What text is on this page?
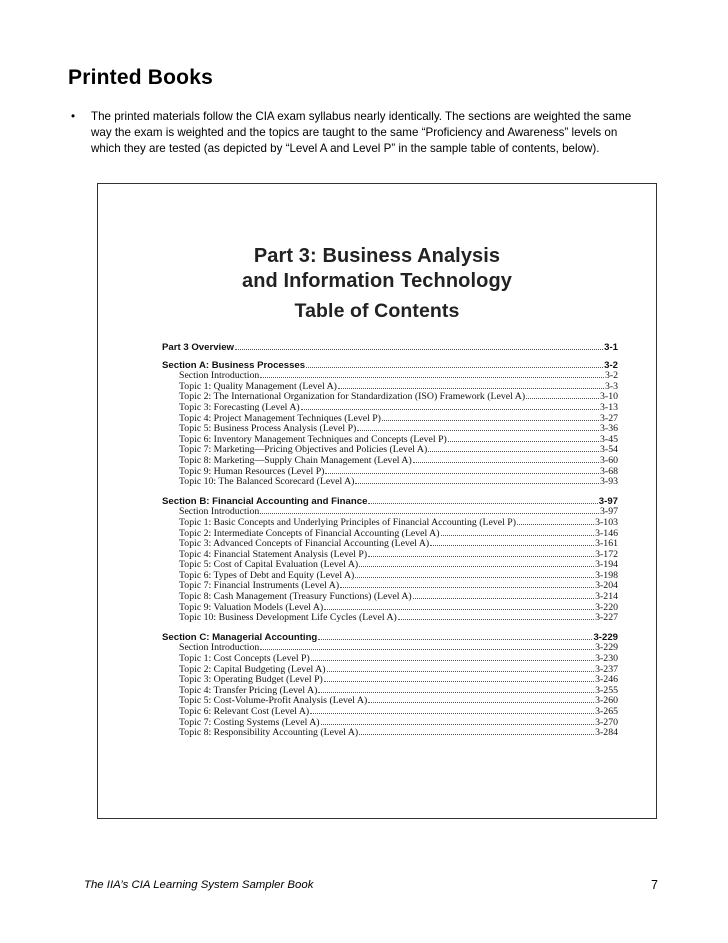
Printed Books
• The printed materials follow the CIA exam syllabus nearly identically. The sections are weighted the same
way the exam is weighted and the topics are taught to the same “Proficiency and Awareness” levels on
which they are tested (as depicted by “Level A and Level P” in the sample table of contents, below).
Part 3: Business Analysis
and Information Technology
Table of Contents
Part 3 Overview	3-1
Section A: Business Processes	3-2
Section Introduction	3-2
Topic 1: Quality Management (Level A)	3-3
Topic 2: The International Organization for Standardization (ISO) Framework (Level A)	3-10
Topic 3: Forecasting (Level A)	3-13
Topic 4: Project Management Techniques (Level P)	3-27
Topic 5: Business Process Analysis (Level P)	3-36
Topic 6: Inventory Management Techniques and Concepts (Level P)	3-45
Topic 7: Marketing—Pricing Objectives and Policies (Level A)	3-54
Topic 8: Marketing—Supply Chain Management (Level A)	3-60
Topic 9: Human Resources (Level P)	3-68
Topic 10: The Balanced Scorecard (Level A)	3-93
Section B: Financial Accounting and Finance	3-97
Section Introduction	3-97
Topic 1: Basic Concepts and Underlying Principles of Financial Accounting (Level P)	3-103
Topic 2: Intermediate Concepts of Financial Accounting (Level A)	3-146
Topic 3: Advanced Concepts of Financial Accounting (Level A)	3-161
Topic 4: Financial Statement Analysis (Level P)	3-172
Topic 5: Cost of Capital Evaluation (Level A)	3-194
Topic 6: Types of Debt and Equity (Level A)	3-198
Topic 7: Financial Instruments (Level A)	3-204
Topic 8: Cash Management (Treasury Functions) (Level A)	3-214
Topic 9: Valuation Models (Level A)	3-220
Topic 10: Business Development Life Cycles (Level A)	3-227
Section C: Managerial Accounting	3-229
Section Introduction	3-229
Topic 1: Cost Concepts (Level P)	3-230
Topic 2: Capital Budgeting (Level A)	3-237
Topic 3: Operating Budget (Level P)	3-246
Topic 4: Transfer Pricing (Level A)	3-255
Topic 5: Cost-Volume-Profit Analysis (Level A)	3-260
Topic 6: Relevant Cost (Level A)	3-265
Topic 7: Costing Systems (Level A)	3-270
Topic 8: Responsibility Accounting (Level A)	3-284
The IIA’s CIA Learning System Sampler Book	7
